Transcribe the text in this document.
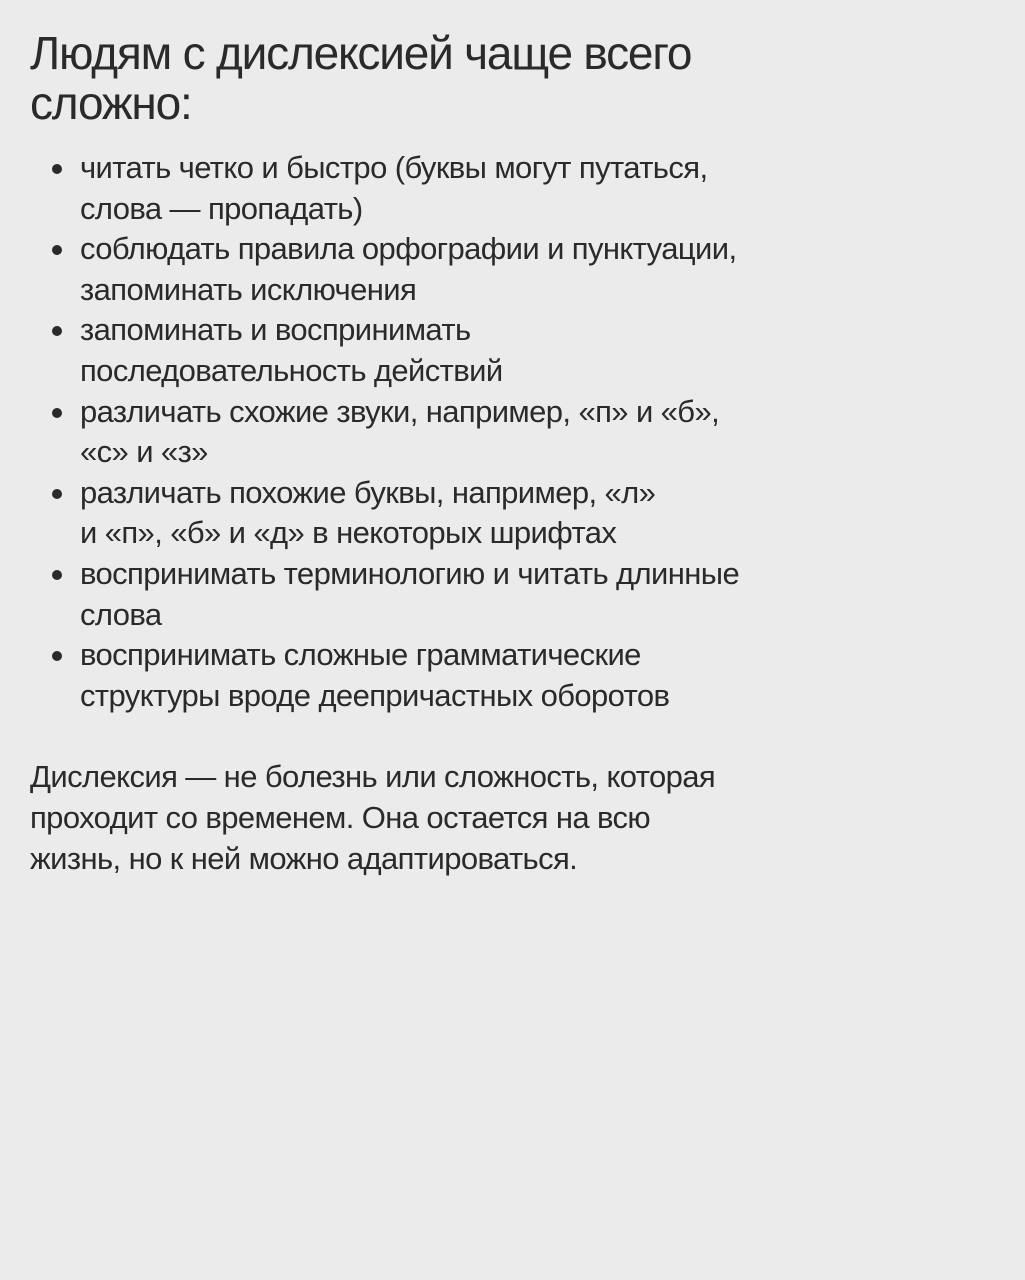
Людям с дислексией чаще всего сложно:
читать четко и быстро (буквы могут путаться,
слова — пропадать)
соблюдать правила орфографии и пунктуации,
запоминать исключения
запоминать и воспринимать
последовательность действий
различать схожие звуки, например, «п» и «б»,
«с» и «з»
различать похожие буквы, например, «л»
и «п», «б» и «д» в некоторых шрифтах
воспринимать терминологию и читать длинные
слова
воспринимать сложные грамматические
структуры вроде деепричастных оборотов

Дислексия — не болезнь или сложность, которая
проходит со временем. Она остается на всю
жизнь, но к ней можно адаптироваться.
